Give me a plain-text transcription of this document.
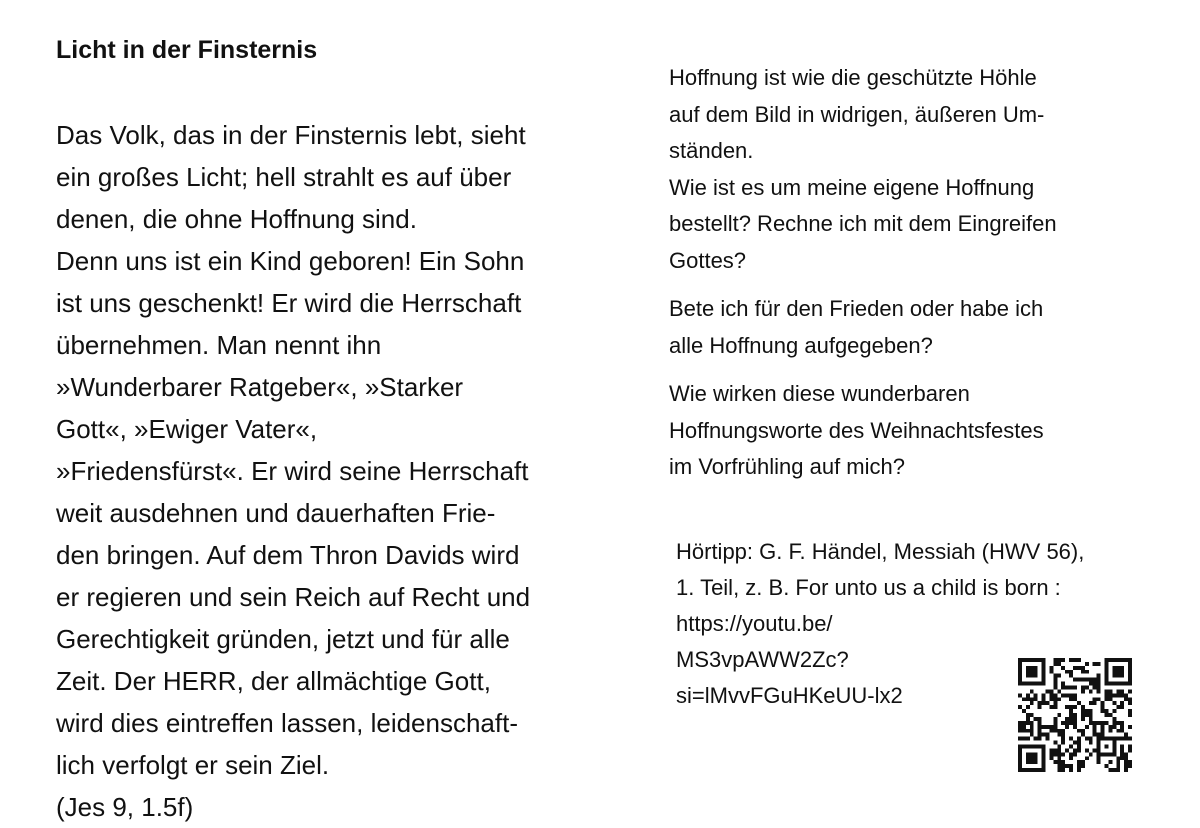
Licht in der Finsternis
Das Volk, das in der Finsternis lebt, sieht
ein großes Licht; hell strahlt es auf über
denen, die ohne Hoffnung sind.
Denn uns ist ein Kind geboren! Ein Sohn
ist uns geschenkt! Er wird die Herrschaft
übernehmen. Man nennt ihn
»Wunderbarer Ratgeber«, »Starker
Gott«, »Ewiger Vater«,
»Friedensfürst«. Er wird seine Herrschaft
weit ausdehnen und dauerhaften Frie-
den bringen. Auf dem Thron Davids wird
er regieren und sein Reich auf Recht und
Gerechtigkeit gründen, jetzt und für alle
Zeit. Der HERR, der allmächtige Gott,
wird dies eintreffen lassen, leidenschaft-
lich verfolgt er sein Ziel.
(Jes 9, 1.5f)
Hoffnung ist wie die geschützte Höhle
auf dem Bild in widrigen, äußeren Um-
ständen.
Wie ist es um meine eigene Hoffnung
bestellt? Rechne ich mit dem Eingreifen
Gottes?
Bete ich für den Frieden oder habe ich
alle Hoffnung aufgegeben?
Wie wirken diese wunderbaren
Hoffnungsworte des Weihnachtsfestes
im Vorfrühling auf mich?
Hörtipp: G. F. Händel, Messiah (HWV 56),
1. Teil, z. B. For unto us a child is born :
https://youtu.be/
MS3vpAWW2Zc?
si=lMvvFGuHKeUU-lx2
